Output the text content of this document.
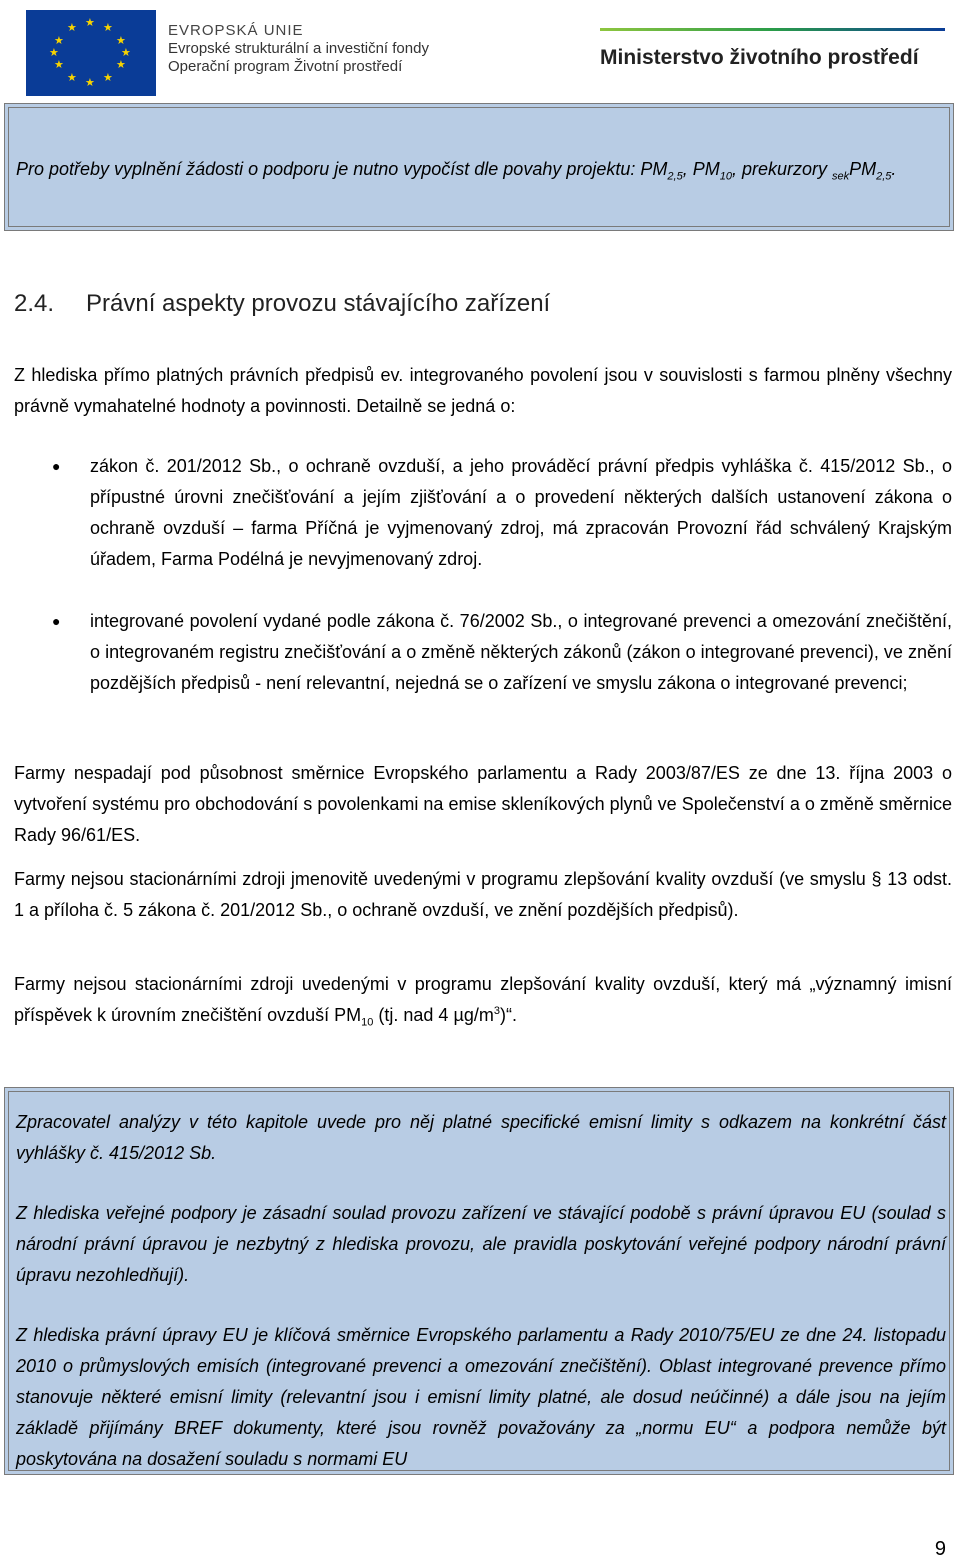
★ ★
★
★
★
★
★
★
★
★
★
★	EVROPSKÁ UNIE
Evropské strukturální a investiční fondy
Operační program Životní prostředí	Ministerstvo životního prostředí
Pro potřeby vyplnění žádosti o podporu je nutno vypočíst dle povahy projektu: $PM_{2,5}$, $PM_{10}$, prekurzory $_{sek}PM_{2,5}$.
2.4. Právní aspekty provozu stávajícího zařízení
Z hlediska přímo platných právních předpisů ev. integrovaného povolení jsou v souvislosti s farmou plněny všechny právně vymahatelné hodnoty a povinnosti. Detailně se jedná o:
● zákon č. 201/2012 Sb., o ochraně ovzduší, a jeho prováděcí právní předpis vyhláška č. 415/2012 Sb., o přípustné úrovni znečišťování a jejím zjišťování a o provedení některých dalších ustanovení zákona o ochraně ovzduší – farma Příčná je vyjmenovaný zdroj, má zpracován Provozní řád schválený Krajským úřadem, Farma Podélná je nevyjmenovaný zdroj.
● integrované povolení vydané podle zákona č. 76/2002 Sb., o integrované prevenci a omezování znečištění, o integrovaném registru znečišťování a o změně některých zákonů (zákon o integrované prevenci), ve znění pozdějších předpisů - není relevantní, nejedná se o zařízení ve smyslu zákona o integrované prevenci;
Farmy nespadají pod působnost směrnice Evropského parlamentu a Rady 2003/87/ES ze dne 13. října 2003 o vytvoření systému pro obchodování s povolenkami na emise skleníkových plynů ve Společenství a o změně směrnice Rady 96/61/ES.
Farmy nejsou stacionárními zdroji jmenovitě uvedenými v programu zlepšování kvality ovzduší (ve smyslu § 13 odst. 1 a příloha č. 5 zákona č. 201/2012 Sb., o ochraně ovzduší, ve znění pozdějších předpisů).
Farmy nejsou stacionárními zdroji uvedenými v programu zlepšování kvality ovzduší, který má „významný imisní příspěvek k úrovním znečištění ovzduší $PM_{10}$ (tj. nad 4 $\mu g/m^3)“$.
Zpracovatel analýzy v této kapitole uvede pro něj platné specifické emisní limity s odkazem na konkrétní část vyhlášky č. 415/2012 Sb.
Z hlediska veřejné podpory je zásadní soulad provozu zařízení ve stávající podobě s právní úpravou EU (soulad s národní právní úpravou je nezbytný z hlediska provozu, ale pravidla poskytování veřejné podpory národní právní úpravu nezohledňují).
Z hlediska právní úpravy EU je klíčová směrnice Evropského parlamentu a Rady 2010/75/EU ze dne 24. listopadu 2010 o průmyslových emisích (integrované prevenci a omezování znečištění). Oblast integrované prevence přímo stanovuje některé emisní limity (relevantní jsou i emisní limity platné, ale dosud neúčinné) a dále jsou na jejím základě přijímány BREF dokumenty, které jsou rovněž považovány za „normu EU“ a podpora nemůže být poskytována na dosažení souladu s normami EU
9
